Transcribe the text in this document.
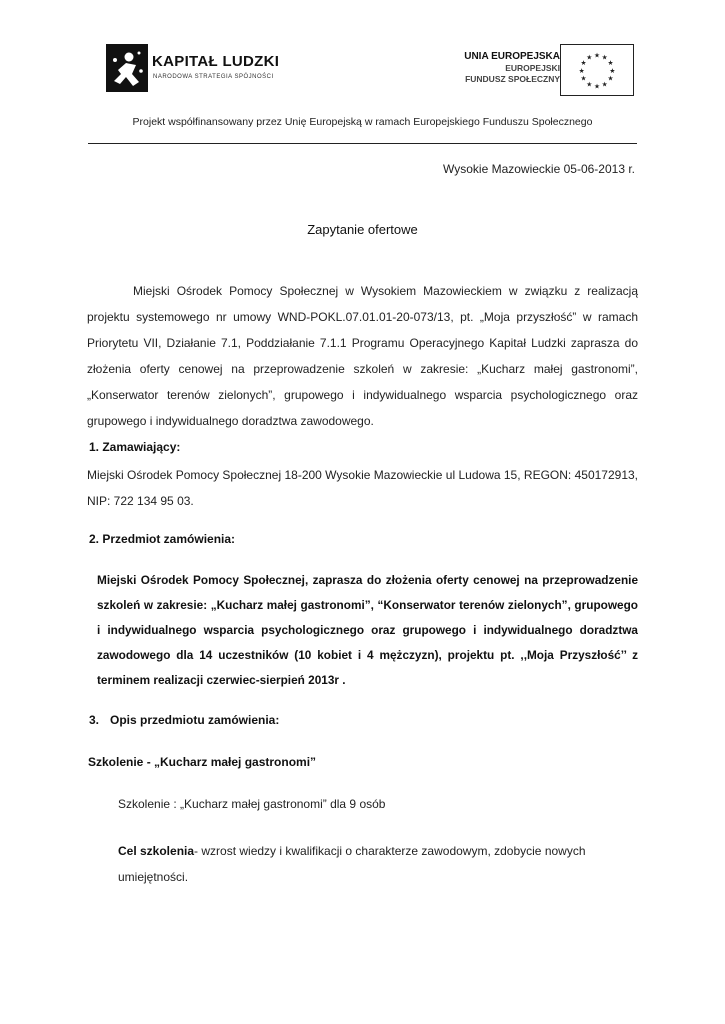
KAPITAŁ LUDZKI
NARODOWA STRATEGIA SPÓJNOŚCI
UNIA EUROPEJSKA
EUROPEJSKI
FUNDUSZ SPOŁECZNY
★ ★
★
★
★
★
★
★
★
★
★
★
Projekt współfinansowany przez Unię Europejską w ramach Europejskiego Funduszu Społecznego
Wysokie Mazowieckie 05-06-2013 r.
Zapytanie ofertowe
Miejski Ośrodek Pomocy Społecznej w Wysokiem Mazowieckiem w związku z realizacją projektu systemowego nr umowy WND-POKL.07.01.01-20-073/13, pt. „Moja przyszłość” w ramach Priorytetu VII, Działanie 7.1, Poddziałanie 7.1.1 Programu Operacyjnego Kapitał Ludzki zaprasza do złożenia oferty cenowej na przeprowadzenie szkoleń w zakresie: „Kucharz małej gastronomi”, „Konserwator terenów zielonych”, grupowego i indywidualnego wsparcia psychologicznego oraz grupowego i indywidualnego doradztwa zawodowego.
1. Zamawiający:
Miejski Ośrodek Pomocy Społecznej 18-200 Wysokie Mazowieckie ul Ludowa 15, REGON: 450172913, NIP: 722 134 95 03.
2. Przedmiot zamówienia:
Miejski Ośrodek Pomocy Społecznej, zaprasza do złożenia oferty cenowej na przeprowadzenie szkoleń w zakresie: „Kucharz małej gastronomi”, “Konserwator terenów zielonych”, grupowego i indywidualnego wsparcia psychologicznego oraz grupowego i indywidualnego doradztwa zawodowego dla 14 uczestników (10 kobiet i 4 mężczyzn), projektu pt. ,,Moja Przyszłość’’ z terminem realizacji czerwiec-sierpień 2013r .
3. Opis przedmiotu zamówienia:
Szkolenie - „Kucharz małej gastronomi”
Szkolenie : „Kucharz małej gastronomi” dla 9 osób
Cel szkolenia- wzrost wiedzy i kwalifikacji o charakterze zawodowym, zdobycie nowych umiejętności.
